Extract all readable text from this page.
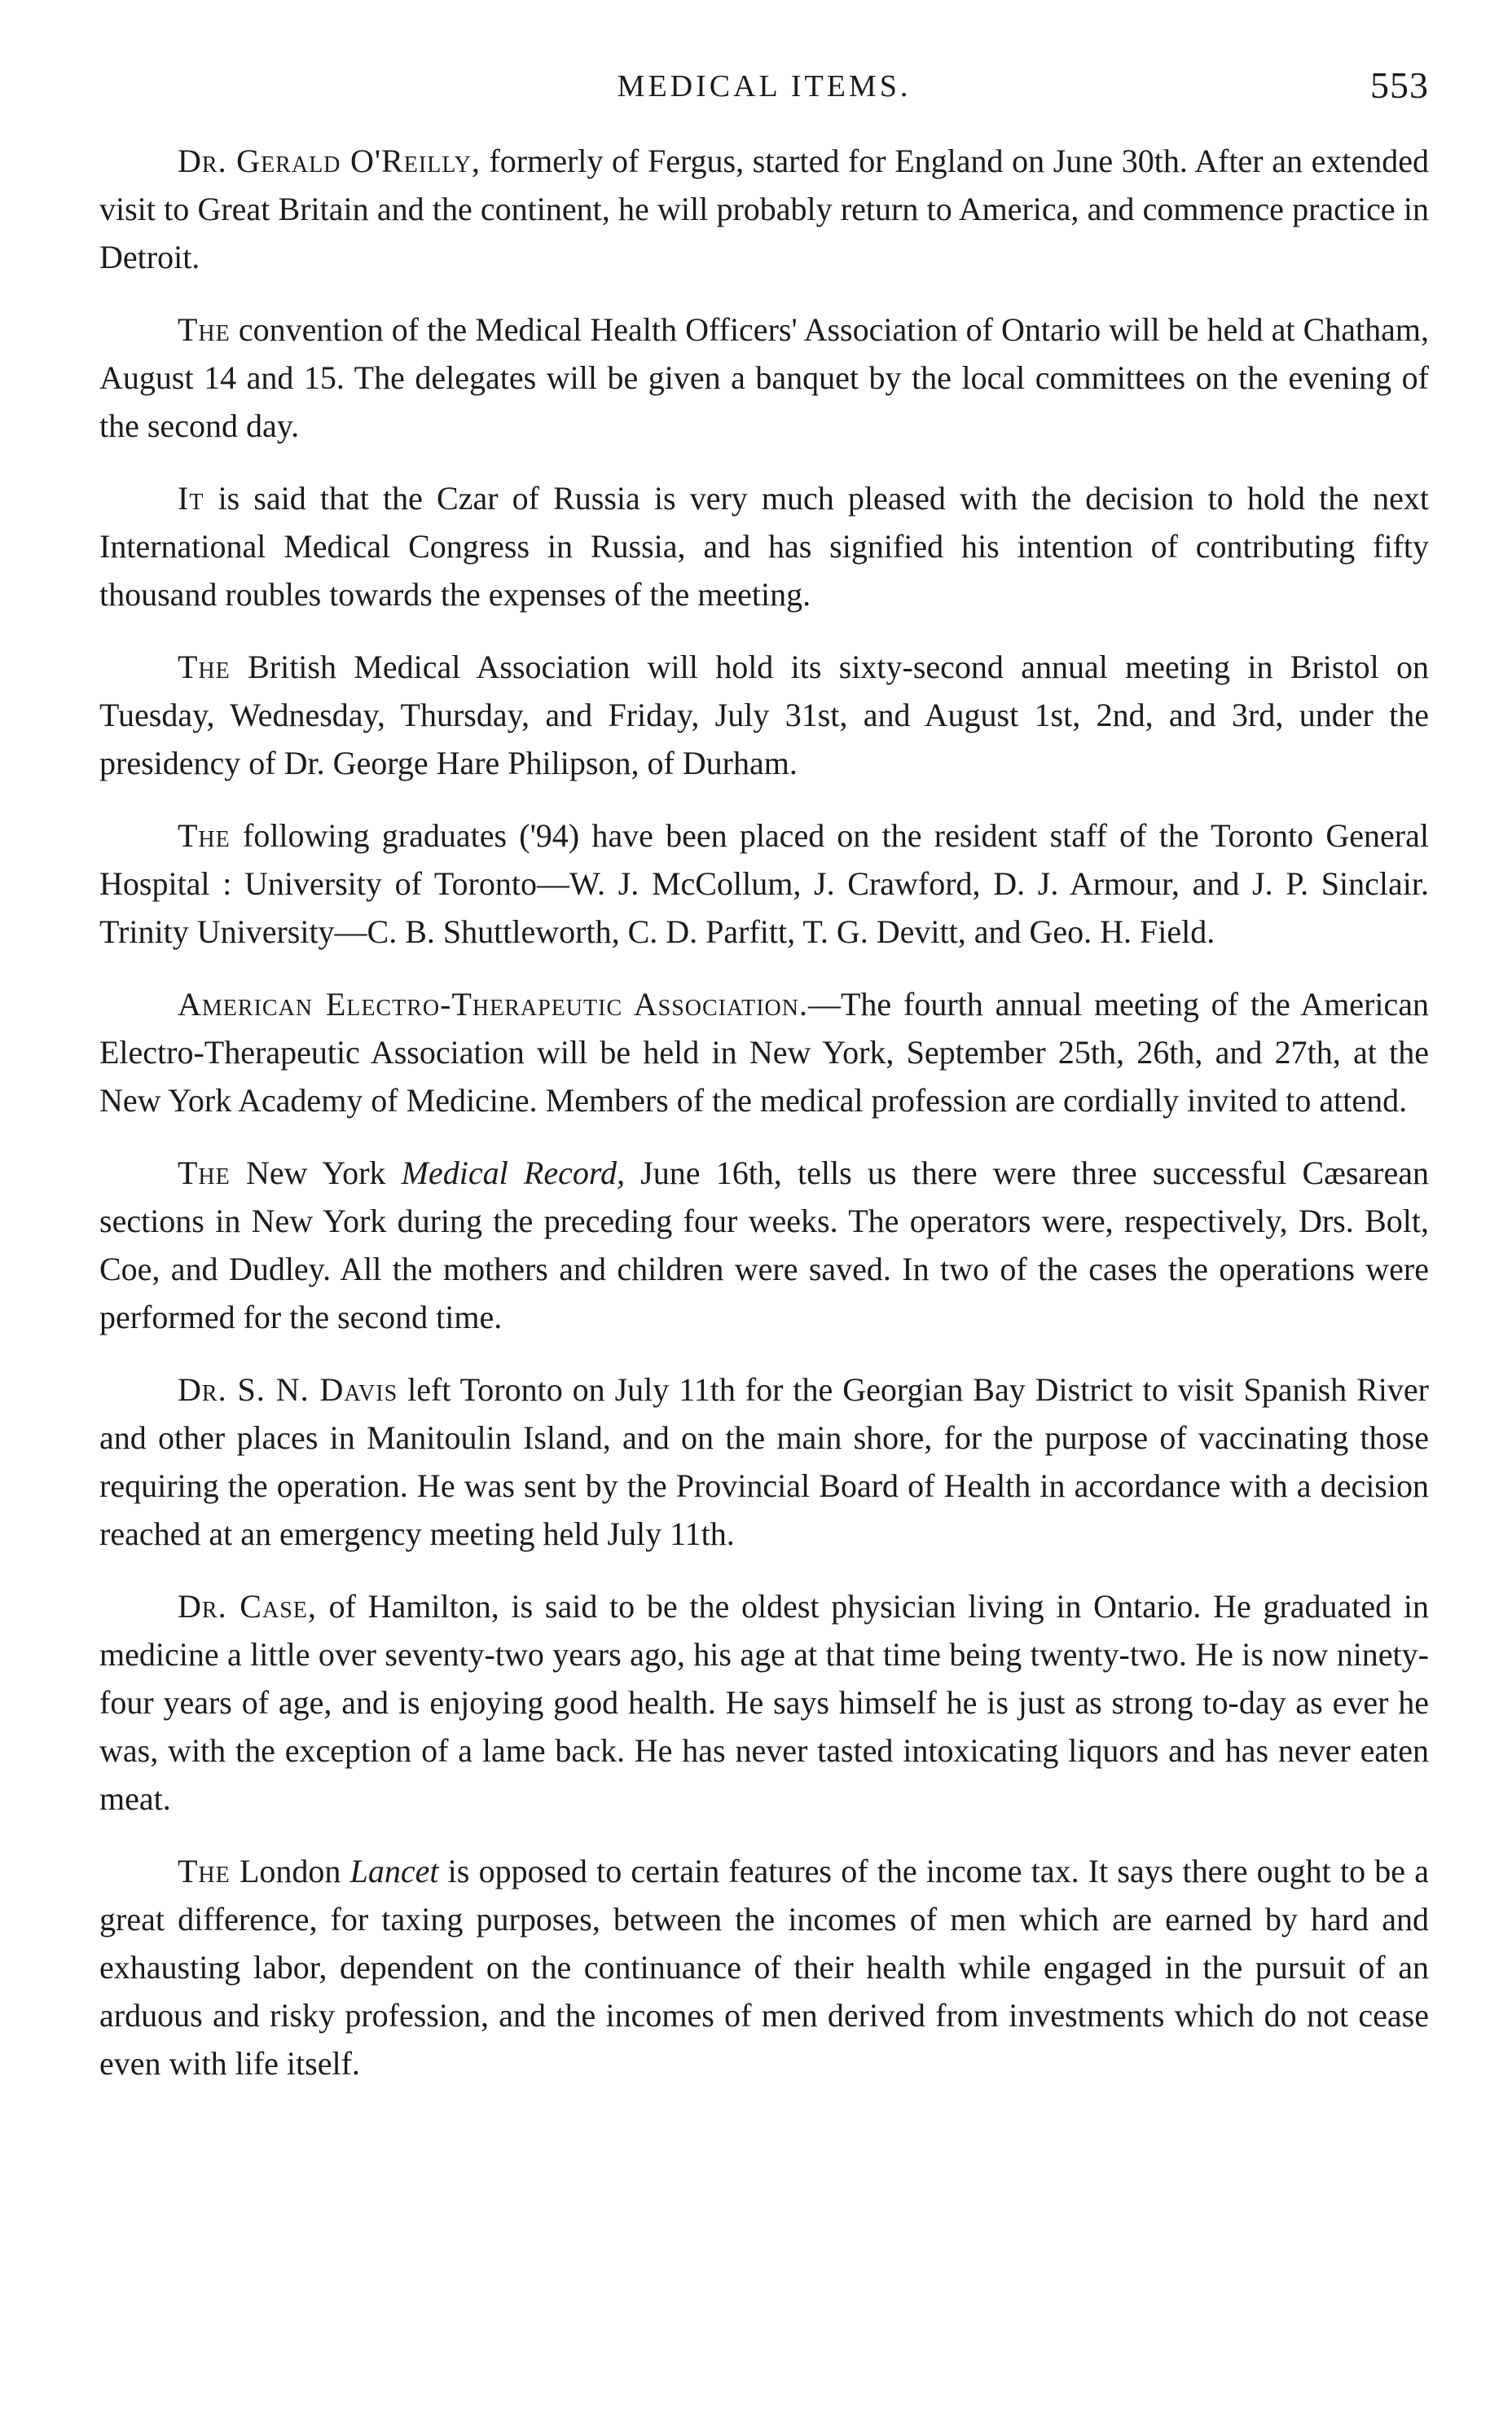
MEDICAL ITEMS.	553

Dr. Gerald O'Reilly, formerly of Fergus, started for England on June 30th. After an extended visit to Great Britain and the continent, he will probably return to America, and commence practice in Detroit.

The convention of the Medical Health Officers' Association of Ontario will be held at Chatham, August 14 and 15. The delegates will be given a banquet by the local committees on the evening of the second day.

It is said that the Czar of Russia is very much pleased with the decision to hold the next International Medical Congress in Russia, and has signified his intention of contributing fifty thousand roubles towards the expenses of the meeting.

The British Medical Association will hold its sixty-second annual meeting in Bristol on Tuesday, Wednesday, Thursday, and Friday, July 31st, and August 1st, 2nd, and 3rd, under the presidency of Dr. George Hare Philipson, of Durham.

The following graduates ('94) have been placed on the resident staff of the Toronto General Hospital : University of Toronto—W. J. McCollum, J. Crawford, D. J. Armour, and J. P. Sinclair. Trinity University—C. B. Shuttleworth, C. D. Parfitt, T. G. Devitt, and Geo. H. Field.

American Electro-Therapeutic Association.—The fourth annual meeting of the American Electro-Therapeutic Association will be held in New York, September 25th, 26th, and 27th, at the New York Academy of Medicine. Members of the medical profession are cordially invited to attend.

The New York Medical Record, June 16th, tells us there were three successful Cæsarean sections in New York during the preceding four weeks. The operators were, respectively, Drs. Bolt, Coe, and Dudley. All the mothers and children were saved. In two of the cases the operations were performed for the second time.

Dr. S. N. Davis left Toronto on July 11th for the Georgian Bay District to visit Spanish River and other places in Manitoulin Island, and on the main shore, for the purpose of vaccinating those requiring the operation. He was sent by the Provincial Board of Health in accordance with a decision reached at an emergency meeting held July 11th.

Dr. Case, of Hamilton, is said to be the oldest physician living in Ontario. He graduated in medicine a little over seventy-two years ago, his age at that time being twenty-two. He is now ninety-four years of age, and is enjoying good health. He says himself he is just as strong to-day as ever he was, with the exception of a lame back. He has never tasted intoxicating liquors and has never eaten meat.

The London Lancet is opposed to certain features of the income tax. It says there ought to be a great difference, for taxing purposes, between the incomes of men which are earned by hard and exhausting labor, dependent on the continuance of their health while engaged in the pursuit of an arduous and risky profession, and the incomes of men derived from investments which do not cease even with life itself.
